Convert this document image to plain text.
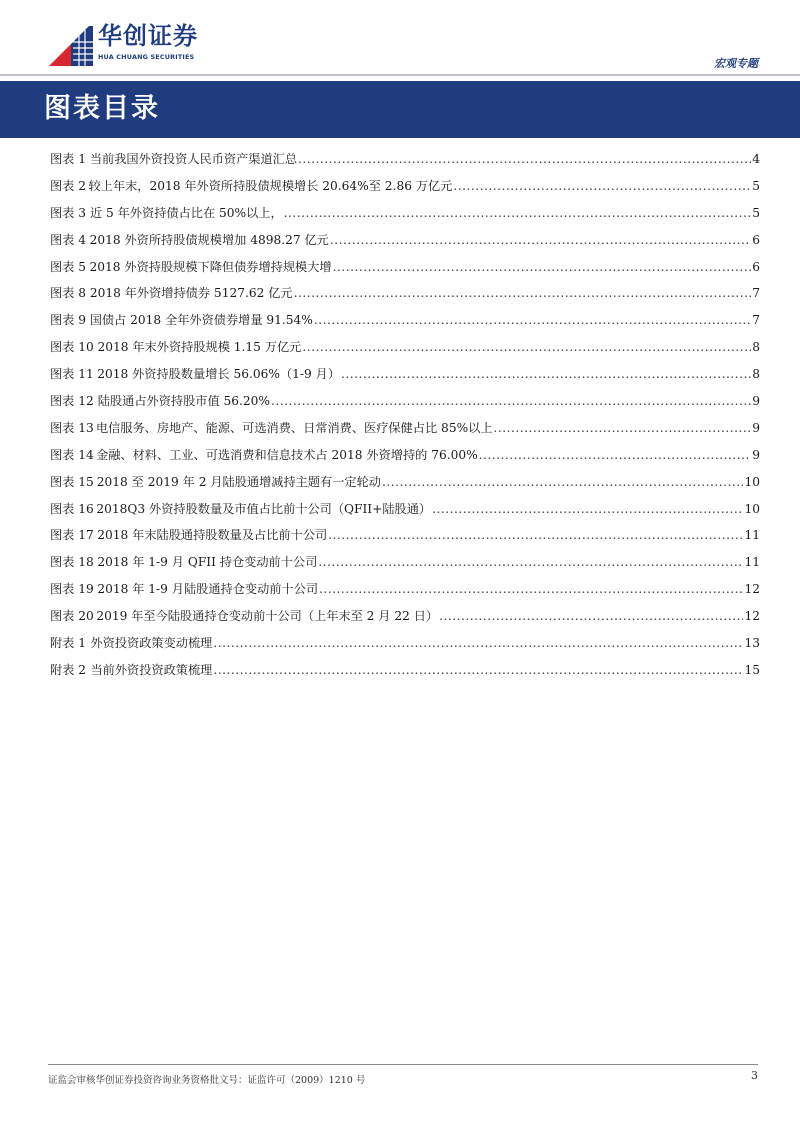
华创证券
HUA CHUANG SECURITIES	宏观专题
图表目录
图表 1 当前我国外资投资人民币资产渠道汇总 .....	4
图表 2 较上年末，2018 年外资所持股债规模增长 20.64%至 2.86 万亿元 .....	5
图表 3 近 5 年外资持债占比在 50%以上， .....	5
图表 4 2018 外资所持股债规模增加 4898.27 亿元 .....	6
图表 5 2018 外资持股规模下降但债券增持规模大增 .....	6
图表 8 2018 年外资增持债券 5127.62 亿元 .....	7
图表 9 国债占 2018 全年外资债券增量 91.54% .....	7
图表 10 2018 年末外资持股规模 1.15 万亿元 .....	8
图表 11 2018 外资持股数量增长 56.06%（1-9 月） .....	8
图表 12 陆股通占外资持股市值 56.20% .....	9
图表 13 电信服务、房地产、能源、可选消费、日常消费、医疗保健占比 85%以上 .....	9
图表 14 金融、材料、工业、可选消费和信息技术占 2018 外资增持的 76.00% .....	9
图表 15 2018 至 2019 年 2 月陆股通增减持主题有一定轮动 .....	10
图表 16 2018Q3 外资持股数量及市值占比前十公司（QFII+陆股通） .....	10
图表 17 2018 年末陆股通持股数量及占比前十公司 .....	11
图表 18 2018 年 1-9 月 QFII 持仓变动前十公司 .....	11
图表 19 2018 年 1-9 月陆股通持仓变动前十公司 .....	12
图表 20 2019 年至今陆股通持仓变动前十公司（上年末至 2 月 22 日） .....	12
附表 1 外资投资政策变动梳理 .....	13
附表 2 当前外资投资政策梳理 .....	15
证监会审核华创证券投资咨询业务资格批文号：证监许可（2009）1210 号	3
